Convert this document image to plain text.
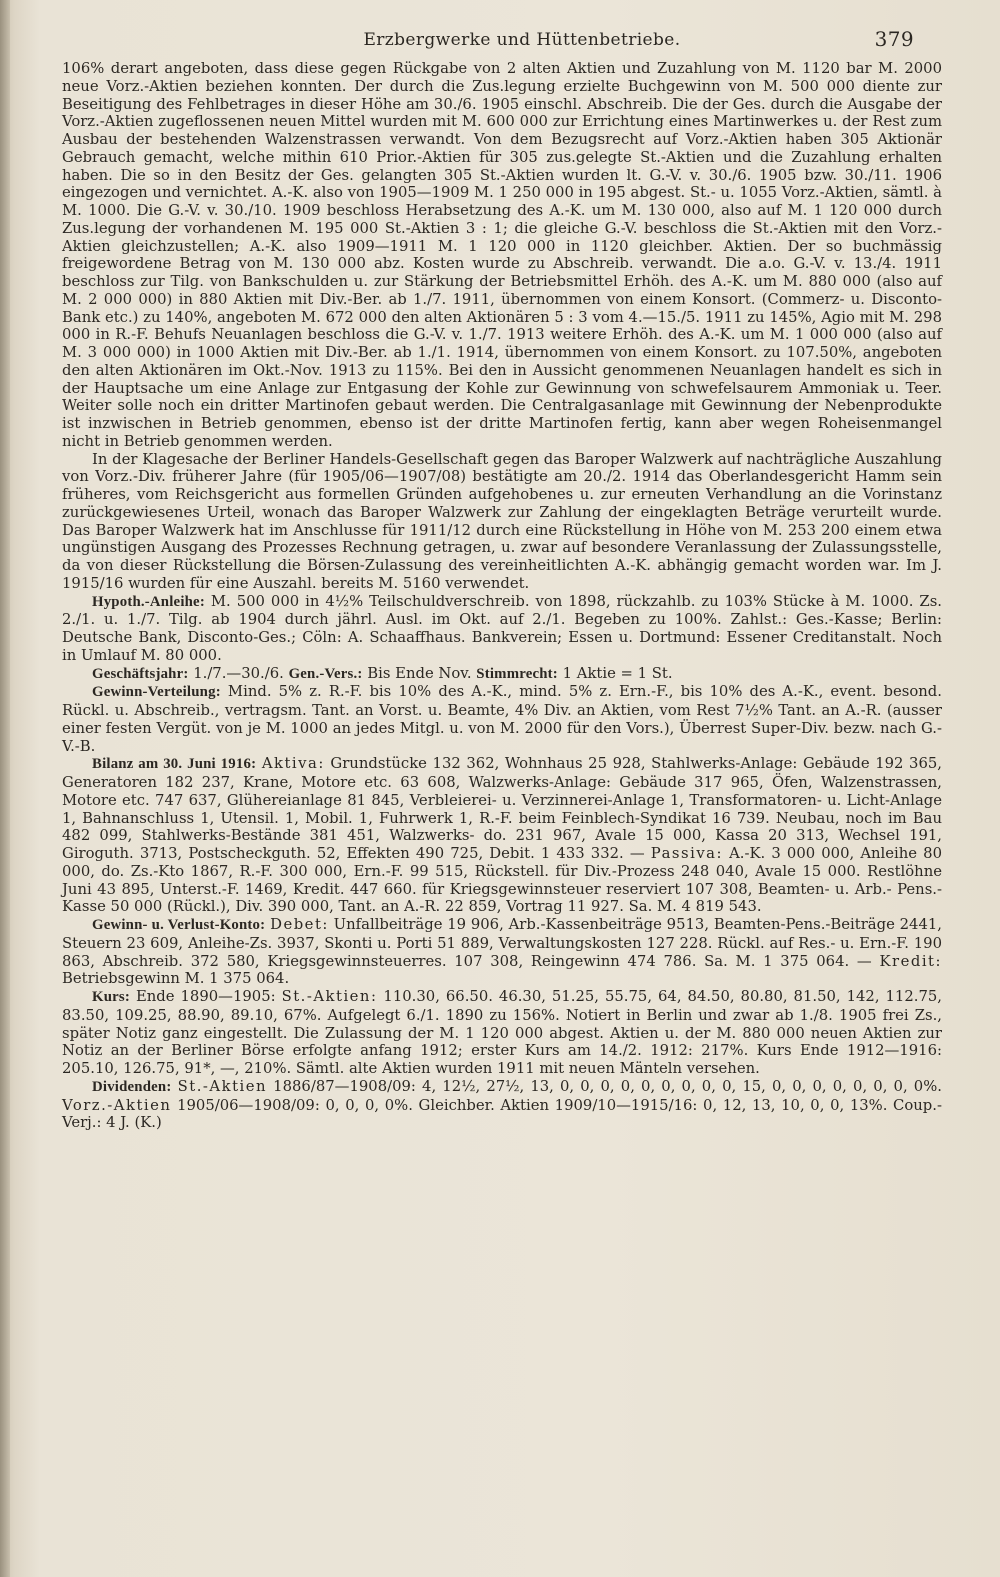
Erzbergwerke und Hüttenbetriebe.	379

106% derart angeboten, dass diese gegen Rückgabe von 2 alten Aktien und Zuzahlung von M. 1120 bar M. 2000 neue Vorz.-Aktien beziehen konnten. Der durch die Zus.legung erzielte Buchgewinn von M. 500 000 diente zur Beseitigung des Fehlbetrages in dieser Höhe am 30./6. 1905 einschl. Abschreib. Die der Ges. durch die Ausgabe der Vorz.-Aktien zugeflossenen neuen Mittel wurden mit M. 600 000 zur Errichtung eines Martinwerkes u. der Rest zum Ausbau der bestehenden Walzenstrassen verwandt. Von dem Bezugsrecht auf Vorz.-Aktien haben 305 Aktionär Gebrauch gemacht, welche mithin 610 Prior.-Aktien für 305 zus.gelegte St.-Aktien und die Zuzahlung erhalten haben. Die so in den Besitz der Ges. gelangten 305 St.-Aktien wurden lt. G.-V. v. 30./6. 1905 bzw. 30./11. 1906 eingezogen und vernichtet. A.-K. also von 1905—1909 M. 1 250 000 in 195 abgest. St.- u. 1055 Vorz.-Aktien, sämtl. à M. 1000. Die G.-V. v. 30./10. 1909 beschloss Herabsetzung des A.-K. um M. 130 000, also auf M. 1 120 000 durch Zus.legung der vorhandenen M. 195 000 St.-Aktien 3 : 1; die gleiche G.-V. beschloss die St.-Aktien mit den Vorz.-Aktien gleichzustellen; A.-K. also 1909—1911 M. 1 120 000 in 1120 gleichber. Aktien. Der so buchmässig freigewordene Betrag von M. 130 000 abz. Kosten wurde zu Abschreib. verwandt. Die a.o. G.-V. v. 13./4. 1911 beschloss zur Tilg. von Bankschulden u. zur Stärkung der Betriebsmittel Erhöh. des A.-K. um M. 880 000 (also auf M. 2 000 000) in 880 Aktien mit Div.-Ber. ab 1./7. 1911, übernommen von einem Konsort. (Commerz- u. Disconto-Bank etc.) zu 140%, angeboten M. 672 000 den alten Aktionären 5 : 3 vom 4.—15./5. 1911 zu 145%, Agio mit M. 298 000 in R.-F. Behufs Neuanlagen beschloss die G.-V. v. 1./7. 1913 weitere Erhöh. des A.-K. um M. 1 000 000 (also auf M. 3 000 000) in 1000 Aktien mit Div.-Ber. ab 1./1. 1914, übernommen von einem Konsort. zu 107.50%, angeboten den alten Aktionären im Okt.-Nov. 1913 zu 115%. Bei den in Aussicht genommenen Neuanlagen handelt es sich in der Hauptsache um eine Anlage zur Entgasung der Kohle zur Gewinnung von schwefelsaurem Ammoniak u. Teer. Weiter solle noch ein dritter Martinofen gebaut werden. Die Centralgasanlage mit Gewinnung der Nebenprodukte ist inzwischen in Betrieb genommen, ebenso ist der dritte Martinofen fertig, kann aber wegen Roheisenmangel nicht in Betrieb genommen werden.

In der Klagesache der Berliner Handels-Gesellschaft gegen das Baroper Walzwerk auf nachträgliche Auszahlung von Vorz.-Div. früherer Jahre (für 1905/06—1907/08) bestätigte am 20./2. 1914 das Oberlandesgericht Hamm sein früheres, vom Reichsgericht aus formellen Gründen aufgehobenes u. zur erneuten Verhandlung an die Vorinstanz zurückgewiesenes Urteil, wonach das Baroper Walzwerk zur Zahlung der eingeklagten Beträge verurteilt wurde. Das Baroper Walzwerk hat im Anschlusse für 1911/12 durch eine Rückstellung in Höhe von M. 253 200 einem etwa ungünstigen Ausgang des Prozesses Rechnung getragen, u. zwar auf besondere Veranlassung der Zulassungsstelle, da von dieser Rückstellung die Börsen-Zulassung des vereinheitlichten A.-K. abhängig gemacht worden war. Im J. 1915/16 wurden für eine Auszahl. bereits M. 5160 verwendet.

Hypoth.-Anleihe: M. 500 000 in 4½% Teilschuldverschreib. von 1898, rückzahlb. zu 103% Stücke à M. 1000. Zs. 2./1. u. 1./7. Tilg. ab 1904 durch jährl. Ausl. im Okt. auf 2./1. Begeben zu 100%. Zahlst.: Ges.-Kasse; Berlin: Deutsche Bank, Disconto-Ges.; Cöln: A. Schaaffhaus. Bankverein; Essen u. Dortmund: Essener Creditanstalt. Noch in Umlauf M. 80 000.

Geschäftsjahr: 1./7.—30./6. Gen.-Vers.: Bis Ende Nov. Stimmrecht: 1 Aktie = 1 St.

Gewinn-Verteilung: Mind. 5% z. R.-F. bis 10% des A.-K., mind. 5% z. Ern.-F., bis 10% des A.-K., event. besond. Rückl. u. Abschreib., vertragsm. Tant. an Vorst. u. Beamte, 4% Div. an Aktien, vom Rest 7½% Tant. an A.-R. (ausser einer festen Vergüt. von je M. 1000 an jedes Mitgl. u. von M. 2000 für den Vors.), Überrest Super-Div. bezw. nach G.-V.-B.

Bilanz am 30. Juni 1916: Aktiva: Grundstücke 132 362, Wohnhaus 25 928, Stahlwerks-Anlage: Gebäude 192 365, Generatoren 182 237, Krane, Motore etc. 63 608, Walzwerks-Anlage: Gebäude 317 965, Öfen, Walzenstrassen, Motore etc. 747 637, Glühereianlage 81 845, Verbleierei- u. Verzinnerei-Anlage 1, Transformatoren- u. Licht-Anlage 1, Bahnanschluss 1, Utensil. 1, Mobil. 1, Fuhrwerk 1, R.-F. beim Feinblech-Syndikat 16 739. Neubau, noch im Bau 482 099, Stahlwerks-Bestände 381 451, Walzwerks- do. 231 967, Avale 15 000, Kassa 20 313, Wechsel 191, Giroguth. 3713, Postscheckguth. 52, Effekten 490 725, Debit. 1 433 332. — Passiva: A.-K. 3 000 000, Anleihe 80 000, do. Zs.-Kto 1867, R.-F. 300 000, Ern.-F. 99 515, Rückstell. für Div.-Prozess 248 040, Avale 15 000. Restlöhne Juni 43 895, Unterst.-F. 1469, Kredit. 447 660. für Kriegsgewinnsteuer reserviert 107 308, Beamten- u. Arb.- Pens.-Kasse 50 000 (Rückl.), Div. 390 000, Tant. an A.-R. 22 859, Vortrag 11 927. Sa. M. 4 819 543.

Gewinn- u. Verlust-Konto: Debet: Unfallbeiträge 19 906, Arb.-Kassenbeiträge 9513, Beamten-Pens.-Beiträge 2441, Steuern 23 609, Anleihe-Zs. 3937, Skonti u. Porti 51 889, Verwaltungskosten 127 228. Rückl. auf Res.- u. Ern.-F. 190 863, Abschreib. 372 580, Kriegsgewinnsteuerres. 107 308, Reingewinn 474 786. Sa. M. 1 375 064. — Kredit: Betriebsgewinn M. 1 375 064.

Kurs: Ende 1890—1905: St.-Aktien: 110.30, 66.50. 46.30, 51.25, 55.75, 64, 84.50, 80.80, 81.50, 142, 112.75, 83.50, 109.25, 88.90, 89.10, 67%. Aufgelegt 6./1. 1890 zu 156%. Notiert in Berlin und zwar ab 1./8. 1905 frei Zs., später Notiz ganz eingestellt. Die Zulassung der M. 1 120 000 abgest. Aktien u. der M. 880 000 neuen Aktien zur Notiz an der Berliner Börse erfolgte anfang 1912; erster Kurs am 14./2. 1912: 217%. Kurs Ende 1912—1916: 205.10, 126.75, 91*, —, 210%. Sämtl. alte Aktien wurden 1911 mit neuen Mänteln versehen.

Dividenden: St.-Aktien 1886/87—1908/09: 4, 12½, 27½, 13, 0, 0, 0, 0, 0, 0, 0, 0, 0, 15, 0, 0, 0, 0, 0, 0, 0, 0%. Vorz.-Aktien 1905/06—1908/09: 0, 0, 0, 0%. Gleichber. Aktien 1909/10—1915/16: 0, 12, 13, 10, 0, 0, 13%. Coup.-Verj.: 4 J. (K.)
